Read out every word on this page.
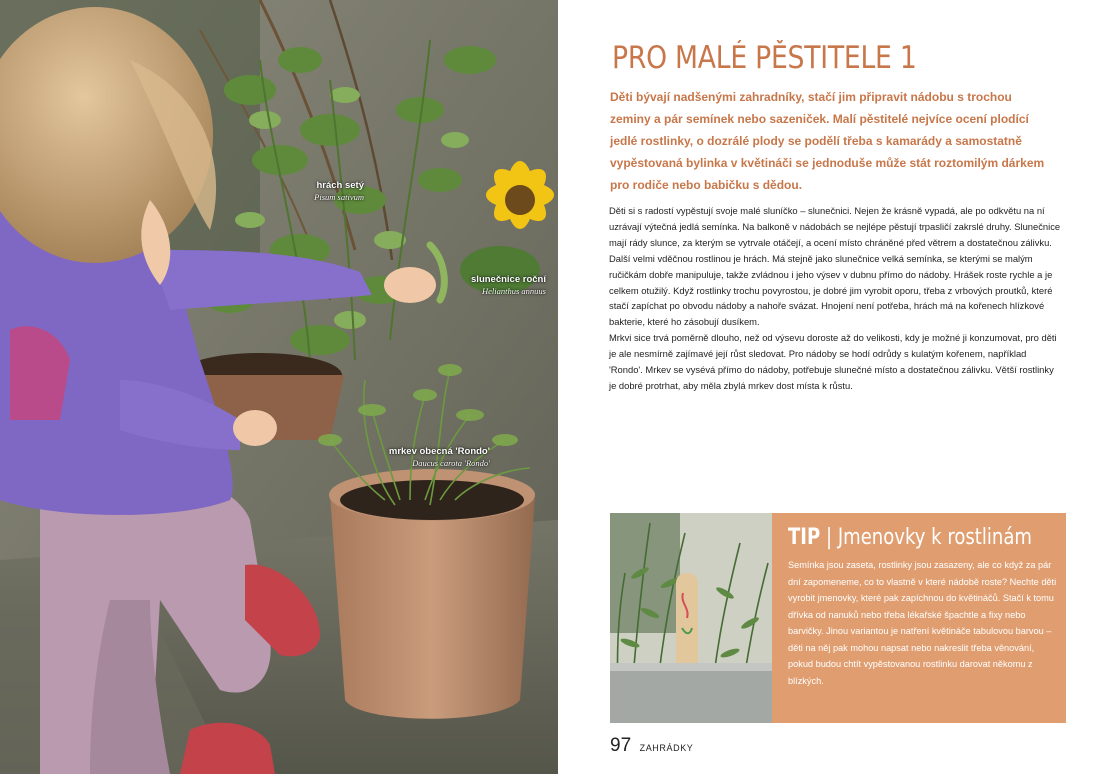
hrách setý
Pisum sativum
slunečnice roční
Helianthus annuus
mrkev obecná 'Rondo'
Daucus carota 'Rondo'
PRO MALÉ PĚSTITELE 1

Děti bývají nadšenými zahradníky, stačí jim připravit nádobu s trochou zeminy a pár semínek nebo sazeniček. Malí pěstitelé nejvíce ocení plodící jedlé rostlinky, o dozrálé plody se podělí třeba s kamarády a samostatně vypěstovaná bylinka v květináči se jednoduše může stát roztomilým dárkem pro rodiče nebo babičku s dědou.

Děti si s radostí vypěstují svoje malé sluníčko – slunečnici. Nejen že krásně vypadá, ale po odkvětu na ní uzrávají výtečná jedlá semínka. Na balkoně v nádobách se nejlépe pěstují trpasličí zakrslé druhy. Slunečnice mají rády slunce, za kterým se vytrvale otáčejí, a ocení místo chráněné před větrem a dostatečnou zálivku.

Další velmi vděčnou rostlinou je hrách. Má stejně jako slunečnice velká semínka, se kterými se malým ručičkám dobře manipuluje, takže zvládnou i jeho výsev v dubnu přímo do nádoby. Hrášek roste rychle a je celkem otužilý. Když rostlinky trochu povyrostou, je dobré jim vyrobit oporu, třeba z vrbových proutků, které stačí zapíchat po obvodu nádoby a nahoře svázat. Hnojení není potřeba, hrách má na kořenech hlízkové bakterie, které ho zásobují dusíkem.

Mrkvi sice trvá poměrně dlouho, než od výsevu doroste až do velikosti, kdy je možné ji konzumovat, pro děti je ale nesmírně zajímavé její růst sledovat. Pro nádoby se hodí odrůdy s kulatým kořenem, například 'Rondo'. Mrkev se vysévá přímo do nádoby, potřebuje slunečné místo a dostatečnou zálivku. Větší rostlinky je dobré protrhat, aby měla zbylá mrkev dost místa k růstu.

TIP | Jmenovky k rostlinám

Semínka jsou zaseta, rostlinky jsou zasazeny, ale co když za pár dní zapomeneme, co to vlastně v které nádobě roste? Nechte děti vyrobit jmenovky, které pak zapíchnou do květináčů. Stačí k tomu dřívka od nanuků nebo třeba lékařské špachtle a fixy nebo barvičky. Jinou variantou je natření květináče tabulovou barvou – děti na něj pak mohou napsat nebo nakreslit třeba věnování, pokud budou chtít vypěstovanou rostlinku darovat někomu z blízkých.

97 ZAHRÁDKY
